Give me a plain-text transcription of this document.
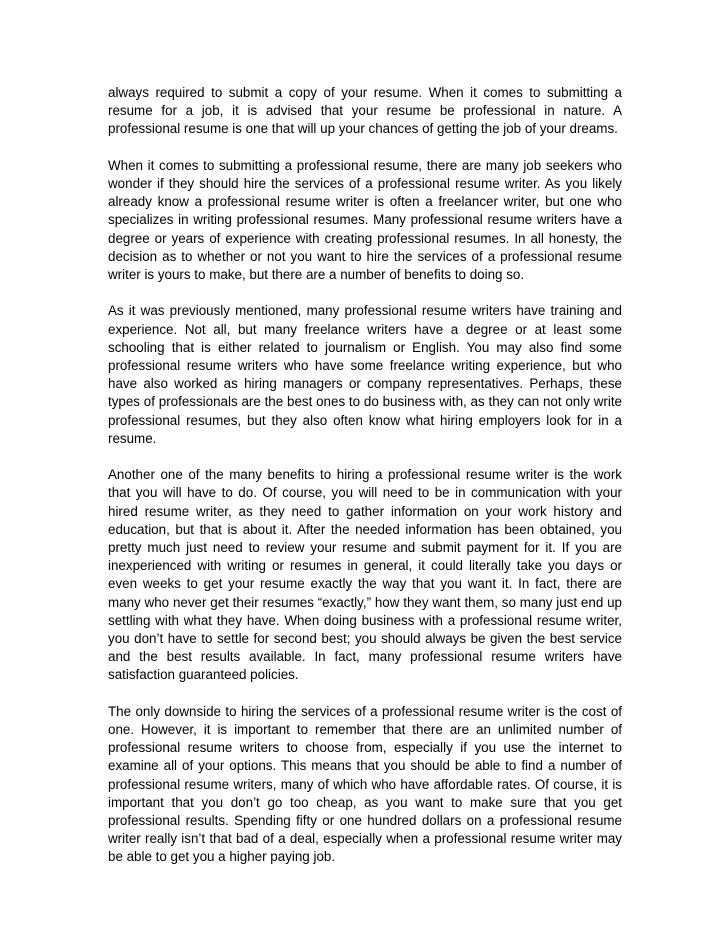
always required to submit a copy of your resume. When it comes to submitting a resume for a job, it is advised that your resume be professional in nature. A professional resume is one that will up your chances of getting the job of your dreams.

When it comes to submitting a professional resume, there are many job seekers who wonder if they should hire the services of a professional resume writer. As you likely already know a professional resume writer is often a freelancer writer, but one who specializes in writing professional resumes. Many professional resume writers have a degree or years of experience with creating professional resumes. In all honesty, the decision as to whether or not you want to hire the services of a professional resume writer is yours to make, but there are a number of benefits to doing so.

As it was previously mentioned, many professional resume writers have training and experience. Not all, but many freelance writers have a degree or at least some schooling that is either related to journalism or English. You may also find some professional resume writers who have some freelance writing experience, but who have also worked as hiring managers or company representatives. Perhaps, these types of professionals are the best ones to do business with, as they can not only write professional resumes, but they also often know what hiring employers look for in a resume.

Another one of the many benefits to hiring a professional resume writer is the work that you will have to do. Of course, you will need to be in communication with your hired resume writer, as they need to gather information on your work history and education, but that is about it. After the needed information has been obtained, you pretty much just need to review your resume and submit payment for it. If you are inexperienced with writing or resumes in general, it could literally take you days or even weeks to get your resume exactly the way that you want it. In fact, there are many who never get their resumes “exactly,” how they want them, so many just end up settling with what they have. When doing business with a professional resume writer, you don’t have to settle for second best; you should always be given the best service and the best results available. In fact, many professional resume writers have satisfaction guaranteed policies.

The only downside to hiring the services of a professional resume writer is the cost of one. However, it is important to remember that there are an unlimited number of professional resume writers to choose from, especially if you use the internet to examine all of your options. This means that you should be able to find a number of professional resume writers, many of which who have affordable rates. Of course, it is important that you don’t go too cheap, as you want to make sure that you get professional results. Spending fifty or one hundred dollars on a professional resume writer really isn’t that bad of a deal, especially when a professional resume writer may be able to get you a higher paying job.
